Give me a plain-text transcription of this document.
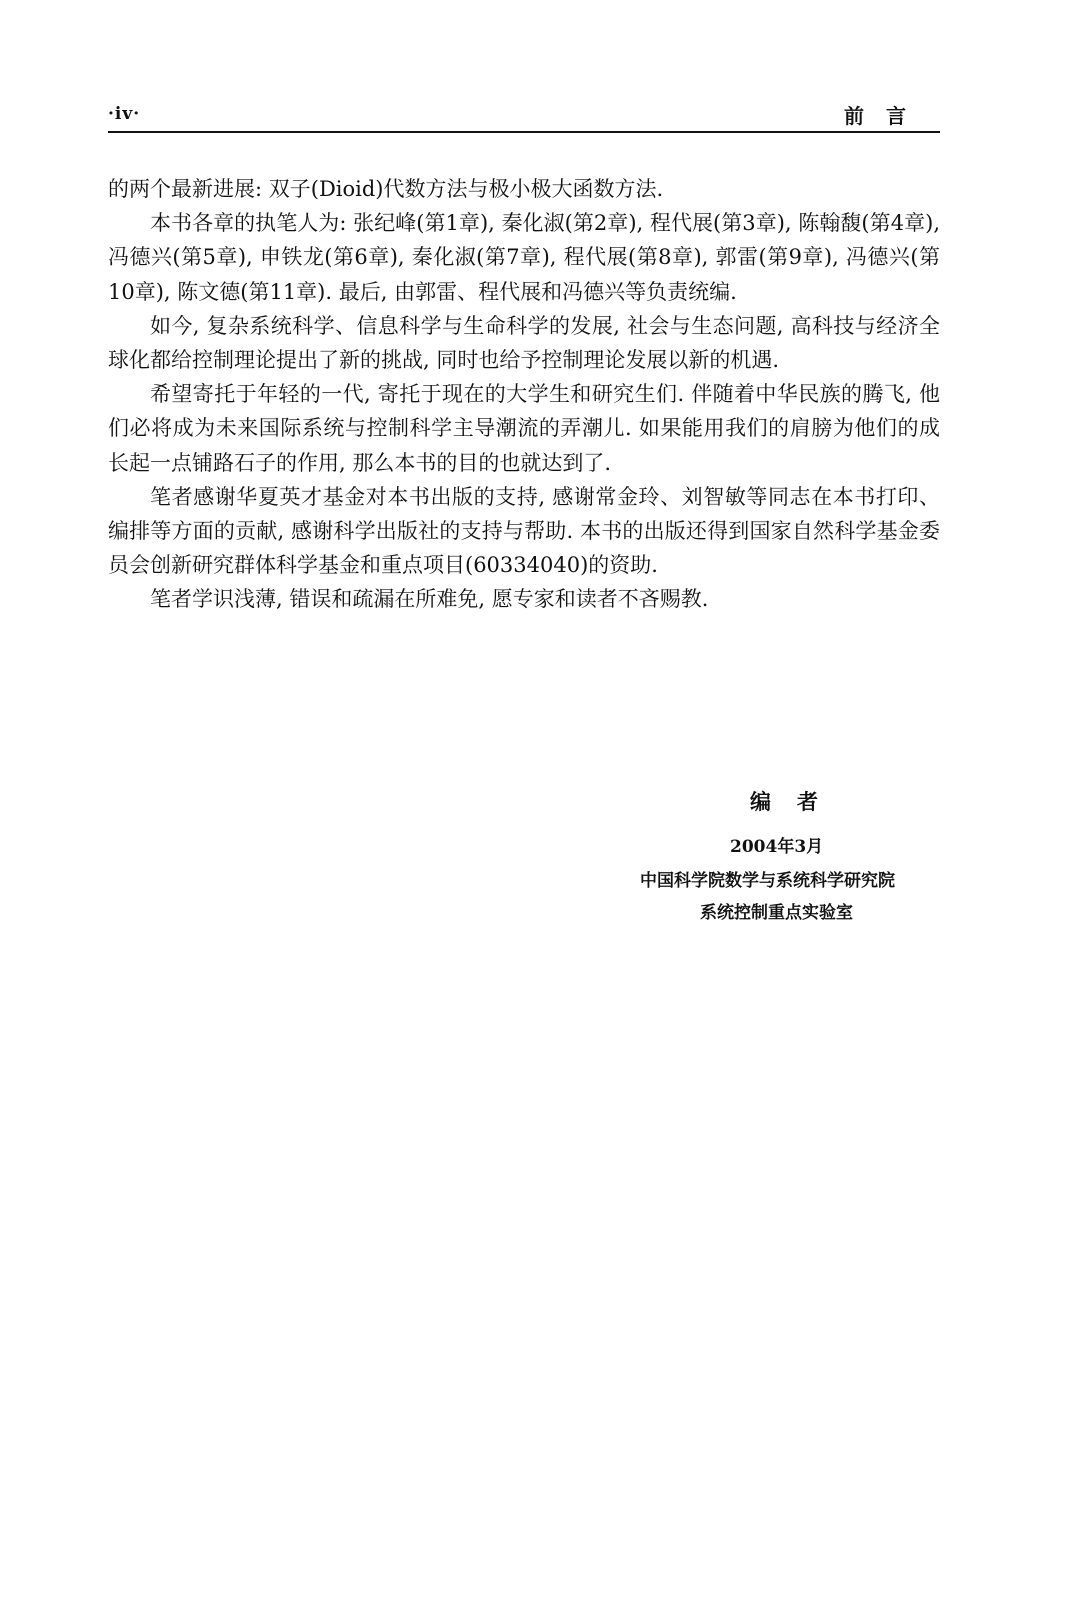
·iv·	前言

的两个最新进展: 双子(Dioid)代数方法与极小极大函数方法.

本书各章的执笔人为: 张纪峰(第1章), 秦化淑(第2章), 程代展(第3章), 陈翰馥(第4章), 冯德兴(第5章), 申铁龙(第6章), 秦化淑(第7章), 程代展(第8章), 郭雷(第9章), 冯德兴(第10章), 陈文德(第11章). 最后, 由郭雷、程代展和冯德兴等负责统编.

如今, 复杂系统科学、信息科学与生命科学的发展, 社会与生态问题, 高科技与经济全球化都给控制理论提出了新的挑战, 同时也给予控制理论发展以新的机遇.

希望寄托于年轻的一代, 寄托于现在的大学生和研究生们. 伴随着中华民族的腾飞, 他们必将成为未来国际系统与控制科学主导潮流的弄潮儿. 如果能用我们的肩膀为他们的成长起一点铺路石子的作用, 那么本书的目的也就达到了.

笔者感谢华夏英才基金对本书出版的支持, 感谢常金玲、刘智敏等同志在本书打印、编排等方面的贡献, 感谢科学出版社的支持与帮助. 本书的出版还得到国家自然科学基金委员会创新研究群体科学基金和重点项目(60334040)的资助.

笔者学识浅薄, 错误和疏漏在所难免, 愿专家和读者不吝赐教.

编者
2004年3月
中国科学院数学与系统科学研究院
系统控制重点实验室
